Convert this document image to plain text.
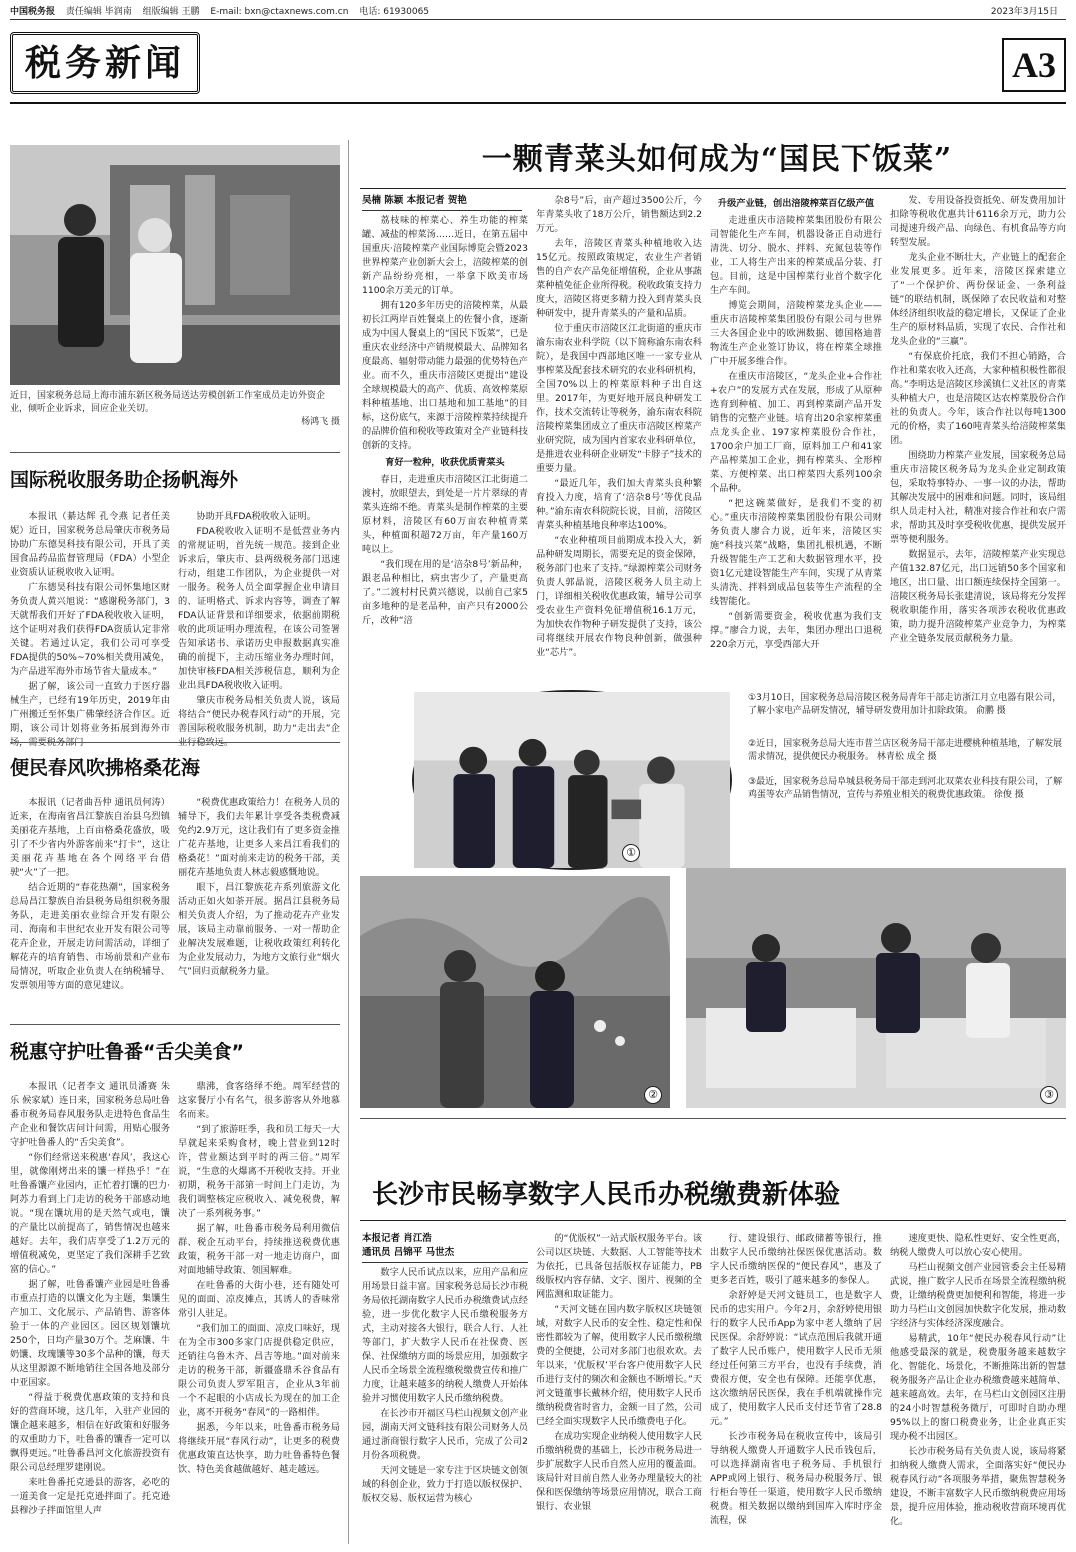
中国税务报 责任编辑 毕润南 组版编辑 王鹏 E-mail: bxn@ctaxnews.com.cn 电话: 61930065	2023年3月15日
税务新闻	A3
近日，国家税务总局上海市浦东新区税务局送达劳模创新工作室成员走访外资企业，倾听企业诉求，回应企业关切。
杨鸿飞 摄
国际税收服务助企扬帆海外

本报讯（綦达辉 孔令燕 记者任美妮）近日，国家税务总局肇庆市税务局协助广东德昊科技有限公司，开具了美国食品药品监督管理局（FDA）小型企业资质认证税收收入证明。

广东德昊科技有限公司怀集地区财务负责人黄兴旭说：“感谢税务部门，3天就帮我们开好了FDA税收收入证明，这个证明对我们获得FDA资质认定非常关键。若通过认定，我们公司可享受FDA提供的50%~70%相关费用减免，为产品进军海外市场节省大量成本。”

据了解，该公司一直致力于医疗器械生产，已经有19年历史，2019年由广州搬迁至怀集广佛肇经济合作区。近期，该公司计划将业务拓展到海外市

协助开具FDA税收收入证明。

FDA税收收入证明不是低营业务内的常规证明，首先统一规范。接到企业诉求后，肇庆市、县两级税务部门迅速行动，组建工作团队，为企业提供一对一服务。税务人员全面掌握企业申请目的、证明格式、诉求内容等，调查了解FDA认证背景和详细要求，依据前期税收的此项证明办理流程，在该公司签署告知承诺书、承诺历史申报数据真实准确的前提下，主动压缩业务办理时间，加快审核FDA相关涉税信息，顺利为企业出具FDA税收收入证明。

肇庆市税务局相关负责人说，该局将结合“便民办税春风行动”的开展，完善国际税收服务机制，助力“走出去”企

便民春风吹拂格桑花海

本报讯（记者曲吾仲 通讯员何涛）近来，在海南省昌江黎族自治县乌烈镇美丽花卉基地，上百亩格桑花盛放，吸引了不少省内外游客前来“打卡”，这让美丽花卉基地在各个网络平台借驶“火”了一把。

结合近期的“春花热潮”，国家税务总局昌江黎族自治县税务局组织税务服务队，走进美丽农业综合开发有限公司、海南和丰世纪农业开发有限公司等花卉企业，开展走访问需活动，详细了解花卉的培育销售、市场前景和产业布局情况，听取企业负责人在纳税辅导、发票领用等方面的意见建议。

“税费优惠政策给力！在税务人员的辅导下，我们去年累计享受各类税费减免约2.9万元，这让我们有了更多资金推广花卉基地，让更多人来昌江看我们的格桑花！”面对前来走访的税务干部，美丽花卉基地负责人林志毅感慨地说。

眼下，昌江黎族花卉系列旅游文化活动正如火如荼开展。据昌江县税务局相关负责人介绍，为了推动花卉产业发展，该局主动靠前服务、一对一帮助企业解决发展难题，让税收政策红利转化为企业发展动力，为地方文旅行业“烟火气”回归贡献税务力量。

税惠守护吐鲁番“舌尖美食”

本报讯（记者李文 通讯员潘赛 朱乐 候家斌）连日来，国家税务总局吐鲁番市税务局春风服务队走进特色食品生产企业和餐饮店问计问需，用贴心服务守护吐鲁番人的“舌尖美食”。

“你们经常送来税惠‘春风’，我这心里，就像刚烤出来的馕一样热乎！”在吐鲁番馕产业园内，正忙着打馕的巴力·阿苏力看到上门走访的税务干部感动地说。“现在馕坑用的是天然气或电，馕的产量比以前提高了，销售情况也越来越好。去年，我们店享受了1.2万元的增值税减免，更坚定了我们深耕手艺致富的信心。”

据了解，吐鲁番馕产业园是吐鲁番市重点打造的以馕文化为主题，集馕生产加工、文化展示、产品销售、游客体验于一体的产业园区。园区规划馕坑250个，日均产量30万个。芝麻馕、牛奶馕、玫瑰馕等30多个品种的馕，每天从这里源源不断地销往全国各地及部分中亚国家。

“得益于税费优惠政策的支持和良好的营商环境，这几年，入驻产业园的馕企越来越多，相信在好政策和好服务的双重助力下，吐鲁番的馕香一定可以飘得更远。”吐鲁番昌河文化旅游投资有限公司总经理罗建刚说。

来吐鲁番托克逊县的游客，必吃的一道美食一定是托克逊拌面了。托克逊县穆沙子拌面馆里人声

鼎沸，食客络绎不绝。周军经营的这家餐厅小有名气，很多游客从外地慕名而来。

“到了旅游旺季，我和员工每天一大早就起来采购食材，晚上营业到12时许，营业额达到平时的两三倍。”周军说，“生意的火爆离不开税收支持。开业初期，税务干部第一时间上门走访，为我们调整核定应税收入、减免税费，解决了一系列税务事。”

据了解，吐鲁番市税务局利用微信群、税企互动平台，持续推送税费优惠政策，税务干部一对一地走访商户，面对面地辅导政策、领国解难。

在吐鲁番的大街小巷，还有随处可见的面面、凉皮摊点，其诱人的香味常常引人驻足。

“我们加工的面面、凉皮口味好，现在为全市300多家门店提供稳定供应，还销往乌鲁木齐、昌吉等地。”面对前来走访的税务干部，新疆盛鼎禾谷食品有限公司负责人罗军阻言，企业从3年前一个不起眼的小店成长为现在的加工企业，离不开税务“春风”的一路相伴。

据悉，今年以来，吐鲁番市税务局将继续开展“春风行动”，让更多的税费优惠政策直达快享，助力吐鲁番特色餐饮、特色美食越做越好、越走越远。

一颗青菜头如何成为“国民下饭菜”
吴楠 陈颖 本报记者 贺艳

荔枝味的榨菜心、养生功能的榨菜罐、减盐的榨菜汤……近日，在第五届中国重庆·涪陵榨菜产业国际博览会暨2023世界榨菜产业创新大会上，涪陵榨菜的创新产品纷纷亮相，一举拿下欧美市场1100余万美元的订单。

拥有120多年历史的涪陵榨菜，从最初长江两岸百姓餐桌上的佐餐小食，逐渐成为中国人餐桌上的“国民下饭菜”，已是重庆农业经济中产销规模最大、品牌知名度最高、辐射带动能力最强的优势特色产业。而不久，重庆市涪陵区更提出“建设全球规模最大的高产、优质、高效榨菜原料种植基地、出口基地和加工基地”的目标，这份底气，来源于涪陵榨菜持续提升的品牌价值和税收等政策对全产业链科技创新的支持。

育好一粒种，收获优质青菜头

春日，走进重庆市涪陵区江北街道二渡村，放眼望去，到处是一片片翠绿的青菜头连绵不绝。青菜头是制作榨菜的主要原材料，涪陵区有60万亩农种植青菜头，种植面积超72万亩，年产量160万吨以上。

“我们现在用的是‘涪杂8号’新品种，跟老品种相比，病虫害少了，产量更高了。”二渡村村民黄兴德说，以前自己家5亩多地种的是老品种，亩产只有2000公斤，改种“涪

杂8号”后，亩产超过3500公斤，今年青菜头收了18万公斤，销售额达到2.2万元。

去年，涪陵区青菜头种植地收入达15亿元。按照政策规定，农业生产者销售的自产农产品免征增值税，企业从事蔬菜种植免征企业所得税。税收政策支持力度大，涪陵区将更多精力投入到青菜头良种研发中，提升青菜头的产量和品质。

位于重庆市涪陵区江北街道的重庆市渝东南农业科学院（以下简称渝东南农科院），是我国中西部地区唯一一家专业从事榨菜及配套技术研究的农业科研机构，全国70%以上的榨菜原料种子出自这里。2017年，为更好地开展良种研发工作，技术交流转让等税务，渝东南农科院涪陵榨菜集团成立了重庆市涪陵区榨菜产业研究院，成为国内首家农业科研单位，是推进农业科研企业研发“卡脖子”技术的重要力量。

“最近几年，我们加大青菜头良种繁育投入力度，培育了‘涪杂8号’等优良品种。”渝东南农科院院长说，目前，涪陵区青菜头种植基地良种率达100%。

“农业种植项目前期成本投入大，新品种研发周期长，需要充足的资金保障，税务部门也来了支持。”绿源榨菜公司财务负责人郭晶说，涪陵区税务人员主动上门，详细相关税收优惠政策，辅导公司享受农业生产资料免征增值税16.1万元，为加快农作物种子研发提供了支持，该公司将继续开展农作物良种创新，做强种业“芯片”。

升级产业链，创出涪陵榨菜百亿级产值

走进重庆市涪陵榨菜集团股份有限公司智能化生产车间，机器设备正自动进行清洗、切分、脱水、拌料、充氮包装等作业，工人将生产出来的榨菜成品分装、打包。目前，这是中国榨菜行业首个数字化生产车间。

博览会期间，涪陵榨菜龙头企业——重庆市涪陵榨菜集团股份有限公司与世界三大各国企业中的欧洲数据、德国格迪普物流生产企业签订协议，将在榨菜全球推广中开展多维合作。

在重庆市涪陵区，“龙头企业+合作社+农户”的发展方式在发展，形成了从原种选育到种植、加工、再到榨菜副产品开发销售的完整产业链。培育出20余家榨菜重点龙头企业、197家榨菜股份合作社，1700余户加工厂商，原料加工户和41家产品榨菜加工企业，拥有榨菜头、全形榨菜、方便榨菜、出口榨菜四大系列100余个品种。

“把这碗菜做好，是我们不变的初心。”重庆市涪陵榨菜集团股份有限公司财务负责人廖合力说，近年来，涪陵区实施“科技兴菜”战略，集团扎根机遇，不断升级智能生产工艺和大数据管理水平，投资1亿元建设智能生产车间，实现了从青菜头清洗、拌料到成品包装等生产流程的全线智能化。

“创新需要资金，税收优惠为我们支撑。”廖合力说，去年，集团办理出口退税220余万元，享受西部大开

发、专用设备投资抵免、研发费用加计扣除等税收优惠共计6116余万元，助力公司提速升级产品、向绿色、有机食品等方向转型发展。

龙头企业不断壮大，产业链上的配套企业发展更多。近年来，涪陵区探索建立了“一个保护价、两份保证金、一条利益链”的联结机制，既保障了农民收益和对整体经济组织收益的稳定增长，又保证了企业生产的原材料品质，实现了农民、合作社和龙头企业的“三赢”。

“有保底价托底，我们不担心销路，合作社和菜农收入还高，大家种植积极性都很高。”李明达是涪陵区珍溪镇仁义社区的青菜头种植大户，也是涪陵区达农榨菜股份合作社的负责人。今年，该合作社以每吨1300元的价格，卖了160吨青菜头给涪陵榨菜集团。

围绕助力榨菜产业发展，国家税务总局重庆市涪陵区税务局为龙头企业定制政策包，采取特事特办、一事一议的办法，帮助其解决发展中的困难和问题。同时，该局组织人员走村入社，精准对接合作社和农户需求，帮助其及时享受税收优惠，提供发展开票等便利服务。

数据显示，去年，涪陵榨菜产业实现总产值132.87亿元，出口远销50多个国家和地区，出口量、出口额连续保持全国第一。涪陵区税务局长张建清说，该局将充分发挥税收职能作用，落实各项涉农税收优惠政策，助力提升涪陵榨菜产业竞争力，为榨菜产业全链条发展贡献税务力量。

①
①3月10日，国家税务总局涪陵区税务局青年干部走访浙江月立电器有限公司，了解小家电产品研发情况，辅导研发费用加计扣除政策。 俞鹏 摄
②近日，国家税务总局大连市普兰店区税务局干部走进樱桃种植基地，了解发展需求情况，提供便民办税服务。 林青松 成全 摄
③最近，国家税务总局阜城县税务局干部走到河北双菜农业科技有限公司，了解鸡蛋等农产品销售情况，宣传与养殖业相关的税费优惠政策。 徐俊 摄
②	③
长沙市民畅享数字人民币办税缴费新体验
本报记者 肖江浩
通讯员 吕锦平 马世杰

数字人民币试点以来，应用产品和应用场景日益丰富。国家税务总局长沙市税务局依托湖南数字人民币办税缴费试点经验，进一步优化数字人民币缴税服务方式，主动对接各大银行，联合人行、人社等部门，扩大数字人民币在社保费、医保、社保缴纳方面的场景应用，加强数字人民币全场景全流程缴税缴费宣传和推广力度，让越来越多的纳税人缴费人开始体验并习惯使用数字人民币缴纳税费。

在长沙市开福区马栏山视频文创产业园，湖南天河文链科技有限公司财务人员通过浙商银行数字人民币，完成了公司2月份各项税费。

天河文链是一家专注于区块链文创领域的科创企业，致力于打造以版权保护、版权交易、版权运营为核心

的“优版权”一站式版权服务平台。该公司以区块链、大数据、人工智能等技术为依托，已具备包括版权存证能力，PB级版权内容存储、文字、图片、视频的全网监测和取证能力。

“天河文链在国内数字版权区块链领域，对数字人民币的安全性、稳定性和保密性都较为了解，使用数字人民币缴税缴费的全便捷，公司对多部门也很欢欢。去年以来，‘优版权’平台客户使用数字人民币进行支付的频次和金额也不断增长。”天河文链董事长戴林介绍，使用数字人民币缴纳税费省时省力，金额一目了然，公司已经全面实现数字人民币缴费电子化。

在成功实现企业纳税人使用数字人民币缴纳税费的基础上，长沙市税务局进一步扩展数字人民币自然人应用的覆盖面。该局针对目前自然人业务办理量较大的社保和医保缴纳等场景应用情况，联合工商银行、农业银

行、建设银行、邮政储蓄等银行，推出数字人民币缴纳社保医保优惠活动。数字人民币缴纳医保的“便民春风”，惠及了更多老百姓，吸引了越来越多的参保人。

余舒婷是天河文链员工，也是数字人民币的忠实用户。今年2月，余舒婷使用银行的数字人民币App为家中老人缴纳了居民医保。余舒婷说：“试点范围后我就开通了数字人民币账户，使用数字人民币无须经过任何第三方平台，也没有手续费，消费很方便，安全也有保障。还能享优惠，这次缴纳居民医保，我在手机端就操作完成了，使用数字人民币支付还节省了28.8元。”

长沙市税务局在税收宣传中，该局引导纳税人缴费人开通数字人民币钱包后，可以选择湖南省电子税务局、手机银行APP或网上银行、税务局办税服务厅、银行柜台等任一渠道，使用数字人民币缴纳税费。相关数据以缴纳到国库入库时序金流程，保

速度更快、隐私性更好、安全性更高，纳税人缴费人可以放心安心使用。

马栏山视频文创产业园管委会主任易精武说，推广数字人民币在场景全流程缴纳税费，让缴纳税费更加便利和智能，将进一步助力马栏山文创园加快数字化发展，推动数字经济与实体经济深度融合。

易精武，10年“便民办税春风行动”让他感受最深的就是，税费服务越来越数字化、智能化、场景化，不断推陈出新的智慧税务服务产品让企业办税缴费越来越简单、越来越高效。去年，在马栏山文创园区注册的24小时智慧税务微厅，可即时自助办理95%以上的窗口税费业务，让企业真正实现办税不出园区。

长沙市税务局有关负责人说，该局将紧扣纳税人缴费人需求，全面落实好“便民办税春风行动”各项服务举措，聚焦智慧税务建设，不断丰富数字人民币缴纳税费应用场景，提升应用体验，推动税收营商环境再优化。
